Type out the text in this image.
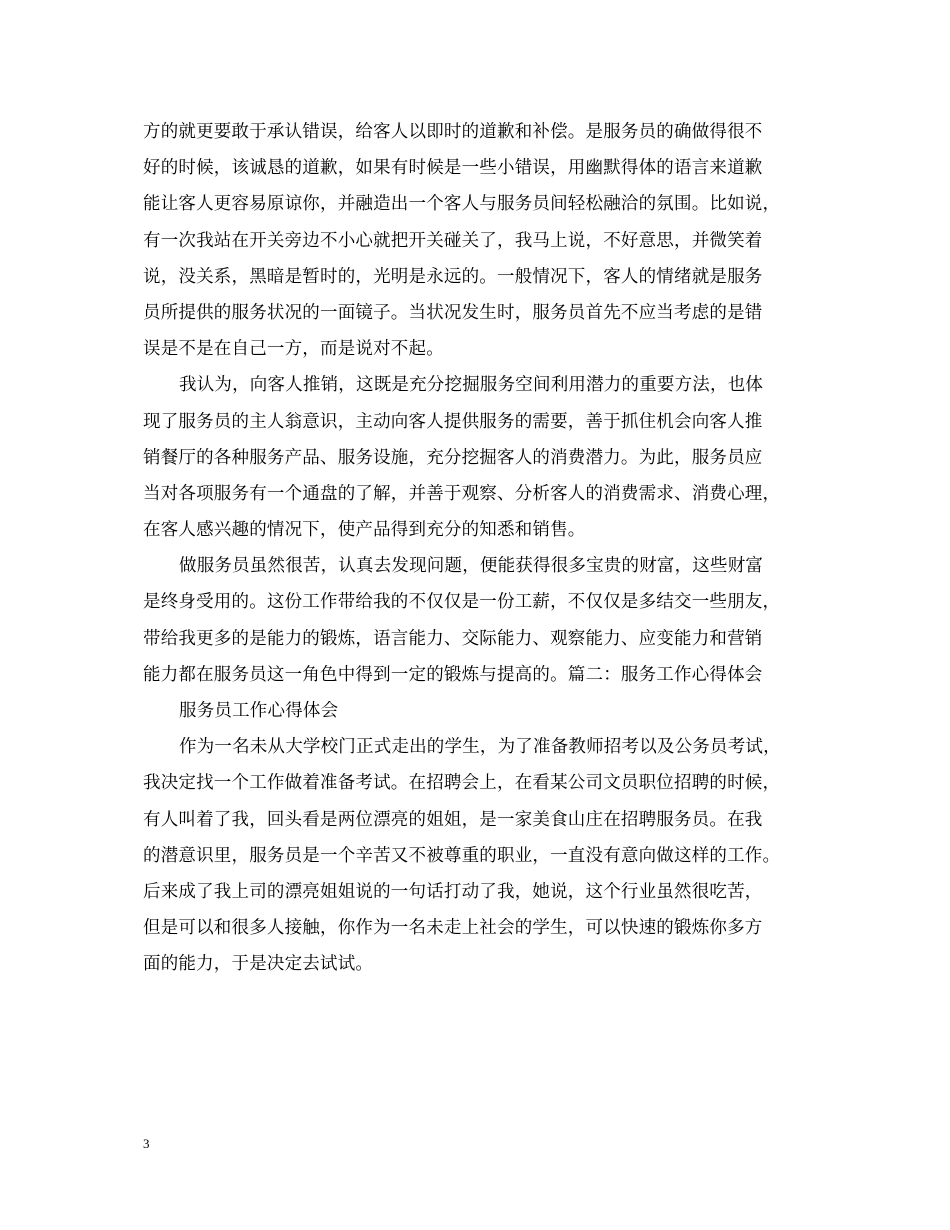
方的就更要敢于承认错误，给客人以即时的道歉和补偿。是服务员的确做得很不
好的时候，该诚恳的道歉，如果有时候是一些小错误，用幽默得体的语言来道歉
能让客人更容易原谅你，并融造出一个客人与服务员间轻松融洽的氛围。比如说，
有一次我站在开关旁边不小心就把开关碰关了，我马上说，不好意思，并微笑着
说，没关系，黑暗是暂时的，光明是永远的。一般情况下，客人的情绪就是服务
员所提供的服务状况的一面镜子。当状况发生时，服务员首先不应当考虑的是错
误是不是在自己一方，而是说对不起。
我认为，向客人推销，这既是充分挖掘服务空间利用潜力的重要方法，也体
现了服务员的主人翁意识，主动向客人提供服务的需要，善于抓住机会向客人推
销餐厅的各种服务产品、服务设施，充分挖掘客人的消费潜力。为此，服务员应
当对各项服务有一个通盘的了解，并善于观察、分析客人的消费需求、消费心理，
在客人感兴趣的情况下，使产品得到充分的知悉和销售。
做服务员虽然很苦，认真去发现问题，便能获得很多宝贵的财富，这些财富
是终身受用的。这份工作带给我的不仅仅是一份工薪，不仅仅是多结交一些朋友，
带给我更多的是能力的锻炼，语言能力、交际能力、观察能力、应变能力和营销
能力都在服务员这一角色中得到一定的锻炼与提高的。篇二：服务工作心得体会
服务员工作心得体会
作为一名未从大学校门正式走出的学生，为了准备教师招考以及公务员考试，
我决定找一个工作做着准备考试。在招聘会上，在看某公司文员职位招聘的时候，
有人叫着了我，回头看是两位漂亮的姐姐，是一家美食山庄在招聘服务员。在我
的潜意识里，服务员是一个辛苦又不被尊重的职业，一直没有意向做这样的工作。
后来成了我上司的漂亮姐姐说的一句话打动了我，她说，这个行业虽然很吃苦，
但是可以和很多人接触，你作为一名未走上社会的学生，可以快速的锻炼你多方
面的能力，于是决定去试试。
3
